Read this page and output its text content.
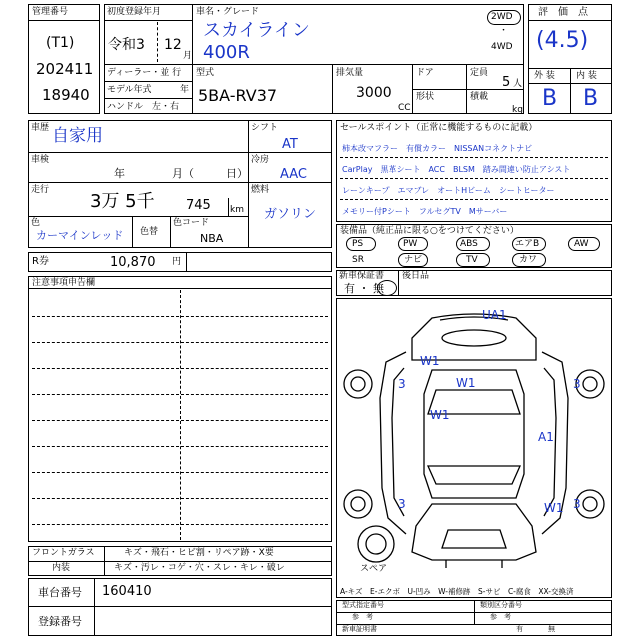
管理番号
(T1)
202411
18940
初度登録年月
令和3 12
月
車名・グレード
スカイライン
400R
2WD
・
4WD
ディーラー・並 行
モデル年式	年
ハンドル　左・右
型式
5BA-RV37
排気量
3000
CC
ドア	定員
5 人
形状	積載
kg
評　価　点
(4.5)
外 装 内 装
B B
車歴 自家用
車検
年	月（	日）
走行
3万 5千 745 km
色
カーマインレッド 色替
色コード
NBA
シフト
AT
冷房
AAC
燃料
ガソリン
R券	10,870 円
注意事項申告欄
セールスポイント（正常に機能するものに記載）
柿本改マフラー　有償カラー　NISSANコネクトナビ
CarPlay　黒革シート　ACC　BLSM　踏み間違い防止アシスト
レーンキープ　エマブレ　オートHビーム　シートヒーター
メモリー付Pシート　フルセグTV　Mサーバー
装備品（純正品に限る○をつけてください）
PS	PW	ABS	エアB	AW
SR	ナビ	TV	カワ
新車保証書
有 ・ 無
後日品
UA1
W1
W1
W1
A1
W1
3	3
3	3
スペア
A-キズ　E-エクボ　U-凹み　W-補修跡　S-サビ　C-腐食　XX-交換済
フロントガラス	キズ・飛石・ヒビ割・リペア跡・X要
内装	キズ・汚レ・コゲ・穴・スレ・キレ・破レ
車台番号 160410
登録番号
型式指定番号	類別区分番号
参　考	参　考
新車証明書	有	無
